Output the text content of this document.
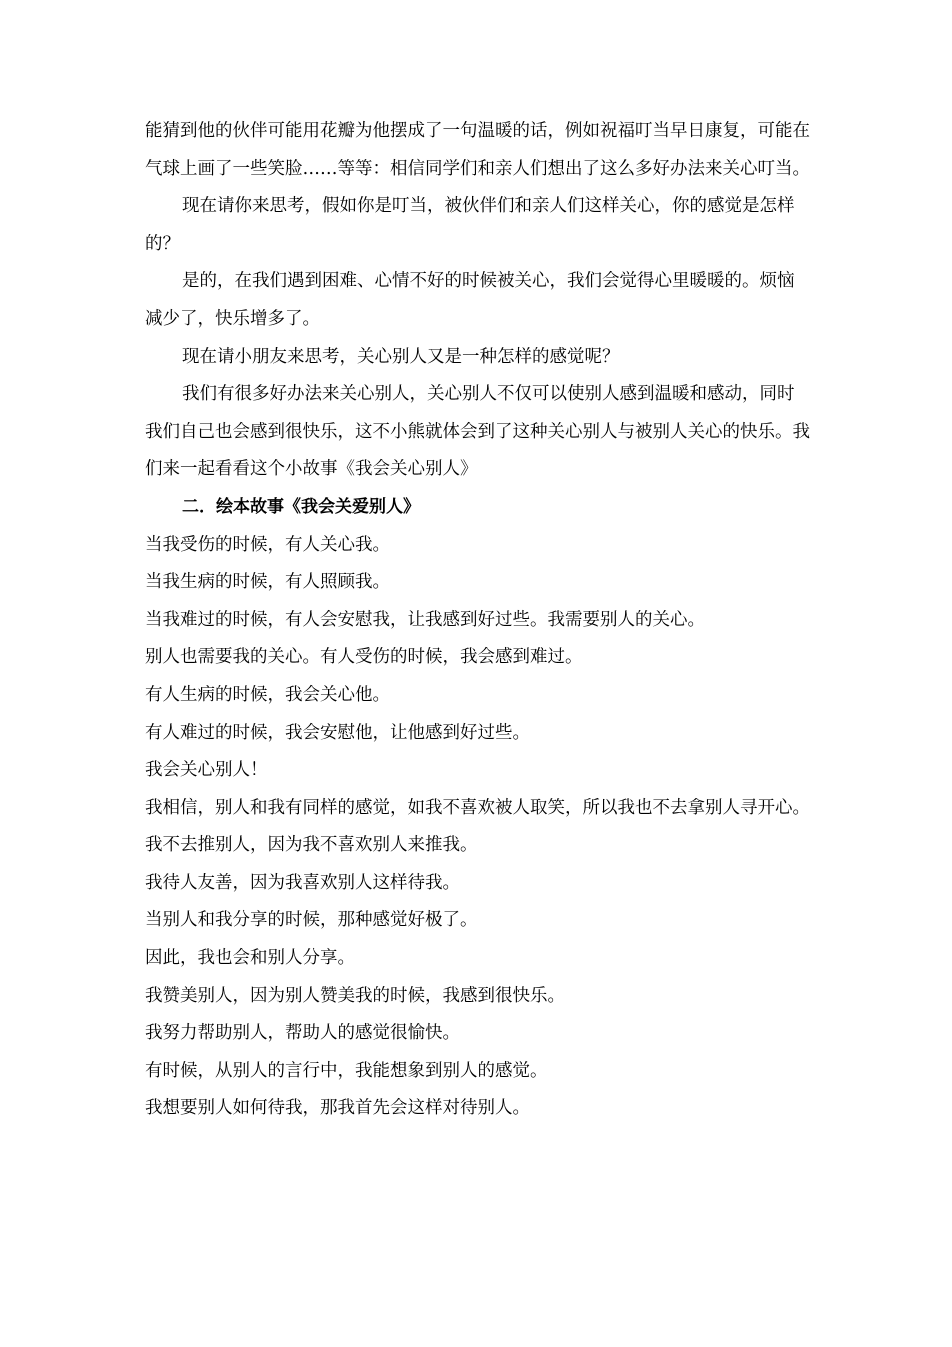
能猜到他的伙伴可能用花瓣为他摆成了一句温暖的话，例如祝福叮当早日康复，可能在气球上画了一些笑脸……等等：相信同学们和亲人们想出了这么多好办法来关心叮当。

现在请你来思考，假如你是叮当，被伙伴们和亲人们这样关心，你的感觉是怎样的？

是的，在我们遇到困难、心情不好的时候被关心，我们会觉得心里暖暖的。烦恼减少了，快乐增多了。

现在请小朋友来思考，关心别人又是一种怎样的感觉呢？

我们有很多好办法来关心别人，关心别人不仅可以使别人感到温暖和感动，同时我们自己也会感到很快乐，这不小熊就体会到了这种关心别人与被别人关心的快乐。我们来一起看看这个小故事《我会关心别人》

二．绘本故事《我会关爱别人》

当我受伤的时候，有人关心我。

当我生病的时候，有人照顾我。

当我难过的时候，有人会安慰我，让我感到好过些。我需要别人的关心。

别人也需要我的关心。有人受伤的时候，我会感到难过。

有人生病的时候，我会关心他。

有人难过的时候，我会安慰他，让他感到好过些。

我会关心别人！

我相信，别人和我有同样的感觉，如我不喜欢被人取笑，所以我也不去拿别人寻开心。

我不去推别人，因为我不喜欢别人来推我。

我待人友善，因为我喜欢别人这样待我。

当别人和我分享的时候，那种感觉好极了。

因此，我也会和别人分享。

我赞美别人，因为别人赞美我的时候，我感到很快乐。

我努力帮助别人，帮助人的感觉很愉快。

有时候，从别人的言行中，我能想象到别人的感觉。

我想要别人如何待我，那我首先会这样对待别人。
